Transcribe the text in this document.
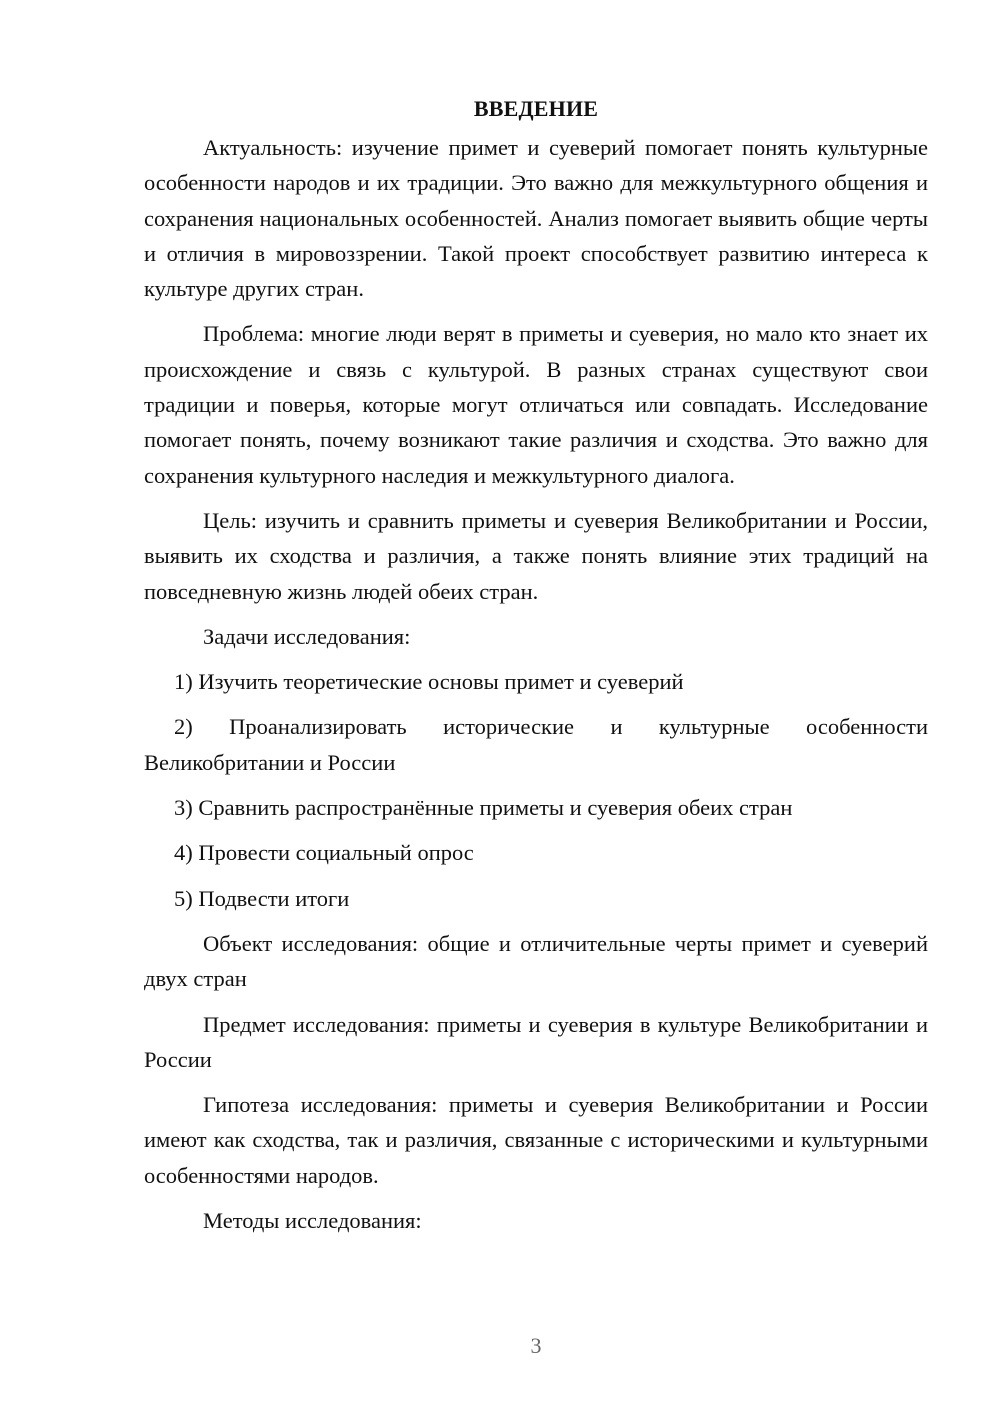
ВВЕДЕНИЕ

Актуальность: изучение примет и суеверий помогает понять культурные особенности народов и их традиции. Это важно для межкультурного общения и сохранения национальных особенностей. Анализ помогает выявить общие черты и отличия в мировоззрении. Такой проект способствует развитию интереса к культуре других стран.

Проблема: многие люди верят в приметы и суеверия, но мало кто знает их происхождение и связь с культурой. В разных странах существуют свои традиции и поверья, которые могут отличаться или совпадать. Исследование помогает понять, почему возникают такие различия и сходства. Это важно для сохранения культурного наследия и межкультурного диалога.

Цель: изучить и сравнить приметы и суеверия Великобритании и России, выявить их сходства и различия, а также понять влияние этих традиций на повседневную жизнь людей обеих стран.

Задачи исследования:

1) Изучить теоретические основы примет и суеверий

2) Проанализировать исторические и культурные особенности Великобритании и России

3) Сравнить распространённые приметы и суеверия обеих стран

4) Провести социальный опрос

5) Подвести итоги

Объект исследования: общие и отличительные черты примет и суеверий двух стран

Предмет исследования: приметы и суеверия в культуре Великобритании и России

Гипотеза исследования: приметы и суеверия Великобритании и России имеют как сходства, так и различия, связанные с историческими и культурными особенностями народов.

Методы исследования:

3
